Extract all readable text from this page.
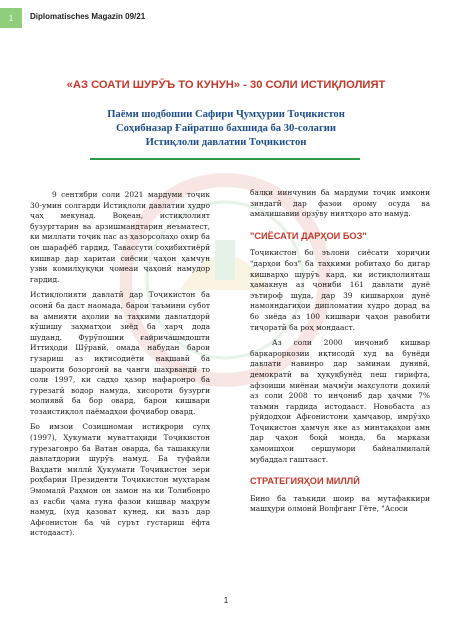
1 Diplomatisches Magazin 09/21
«АЗ СОАТИ ШУРӮЪ ТО КУНУН» - 30 СОЛИ ИСТИҚЛОЛИЯТ
Паёми шодбошии Сафири Ҷумҳурии Тоҷикистон
Соҳибназар Ғайратшо бахшида ба 30-солагии
Истиқлоли давлатии Тоҷикистон

9 сентябри соли 2021 мардуми тоҷик 30-умин солгарди Истиқлоли давлатии худро ҷаҳ мекунад. Воқеан, истиқлолият бузургтарин ва арзишмандтарин неъматест, ки миллати тоҷик пас аз ҳазорсолаҳо охир ба он шарафёб гардид. Тавассути соҳибихтиёрӣ кишвар дар харитаи сиёсии ҷаҳон ҳамчун узви комилҳуқуқи ҷомеаи ҷаҳонӣ намудор гардид.

Истиқлолияти давлатӣ дар Тоҷикистон ба осонӣ ба даст наомада, барои таъмини субот ва амнияти аҳолии ва таҳкими давлатдорӣ кӯшишу заҳматҳои зиёд ба харҷ дода шуданд. Фурӯпошии ғайричашмдошти Иттиҳоди Шӯравӣ, омада набудан барои гузариш аз иқтисодиёти нақшавӣ ба шароити бозоргонӣ ва ҷанги шаҳрвандӣ то соли 1997, ки садҳо ҳазор нафаронро ба гурезагӣ водор намуда, хисороти бузурги молиявӣ ба бор овард, барои кишвари тозаистиқлол паёмадҳои фоҷиабор овард.

Бо имзои Созишномаи истиқрори сулҳ (1997), Ҳукумати муваттаҳиди Тоҷикистон гурезагонро ба Ватан оварда, ба ташаккули давлатдории шурӯъ намуд. Ба туфайли Ваҳдати миллӣ Ҳукумати Тоҷикистон зери роҳбарии Президенти Тоҷикистон муҳтарам Эмомалӣ Раҳмон он замон на ки Толибонро аз ғасби ҷама гуна фазои кишвар маҳрум намуд, (худ қазоват кунед, ки вазъ дар Афғонистон ба чӣ сурът густариш ёфта истодааст).

балки иинчунин ба мардуми тоҷик имкони зиндагӣ дар фазои орому осуда ва амалишавии орзӯву ниятҳоро ато намуд.

"СИЁСАТИ ДАРҲОИ БОЗ"

Тоҷикистон бо эълони сиёсати хориҷии "дарҳои боз" ба таҳкими робитаҳо бо дигар кишварҳо шурӯъ кард, ки истиқлолияташ ҳамакнун аз ҷониби 161 давлати дунё эътироф шуда, дар 39 кишварҳои дунё намояндагиҳои дипломатии худро дорад ва бо зиёда аз 100 кишвари ҷаҳон равобити тиҷоратӣ ба роҳ мондааст.

Аз соли 2000 инҷониб кишвар баркароркозии иқтисодӣ худ ва бунёди давлати навинро дар заминаи дунявӣ, демократӣ ва ҳуқуқбунёд пеш гирифта, афзоиши миёнаи маҷмӯи маҳсулоти дохилӣ аз соли 2008 то инҷониб дар ҳаҷми 7% таъмин гардида истодааст. Новобаста аз рӯйдодҳои Афғонистони ҳамҷавор, имрӯзҳо Тоҷикистон ҳамчун яке аз минтақаҳои амн дар ҷаҳон боқӣ монда, ба маркази ҳамоишҳои сершумори байналмилалӣ мубаддал гаштааст.

СТРАТЕГИЯҲОИ МИЛЛӢ

Бино ба таъкиди шоир ва мутафаккири машҳури олмонӣ Волфганг Гёте, "Асоси

1
